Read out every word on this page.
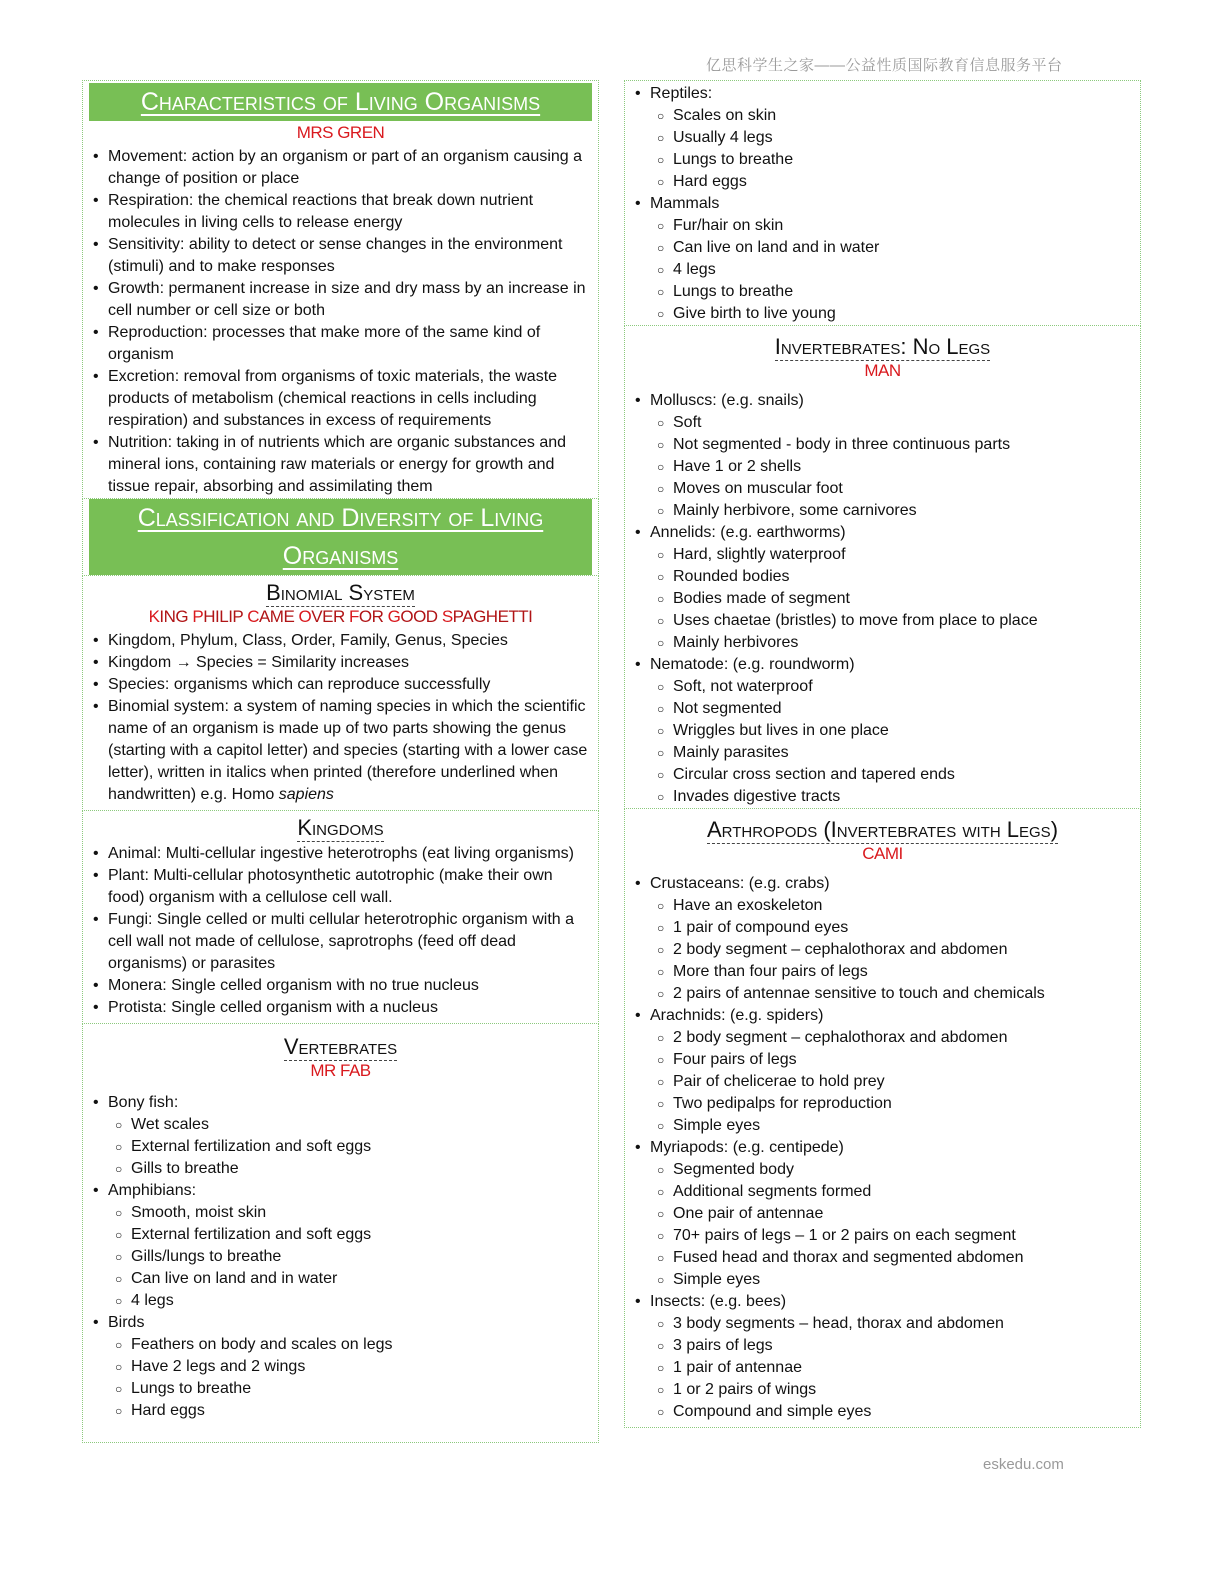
亿思科学生之家——公益性质国际教育信息服务平台
Characteristics of Living Organisms
MRS GREN
• Movement: action by an organism or part of an organism causing a change of position or place
• Respiration: the chemical reactions that break down nutrient molecules in living cells to release energy
• Sensitivity: ability to detect or sense changes in the environment (stimuli) and to make responses
• Growth: permanent increase in size and dry mass by an increase in cell number or cell size or both
• Reproduction: processes that make more of the same kind of organism
• Excretion: removal from organisms of toxic materials, the waste products of metabolism (chemical reactions in cells including respiration) and substances in excess of requirements
• Nutrition: taking in of nutrients which are organic substances and mineral ions, containing raw materials or energy for growth and tissue repair, absorbing and assimilating them
Classification and Diversity of Living Organisms
Binomial System
KING PHILIP CAME OVER FOR GOOD SPAGHETTI
• Kingdom, Phylum, Class, Order, Family, Genus, Species
• Kingdom → Species = Similarity increases
• Species: organisms which can reproduce successfully
• Binomial system: a system of naming species in which the scientific name of an organism is made up of two parts showing the genus (starting with a capitol letter) and species (starting with a lower case letter), written in italics when printed (therefore underlined when handwritten) e.g. Homo sapiens
Kingdoms
• Animal: Multi-cellular ingestive heterotrophs (eat living organisms)
• Plant: Multi-cellular photosynthetic autotrophic (make their own food) organism with a cellulose cell wall.
• Fungi: Single celled or multi cellular heterotrophic organism with a cell wall not made of cellulose, saprotrophs (feed off dead organisms) or parasites
• Monera: Single celled organism with no true nucleus
• Protista: Single celled organism with a nucleus
Vertebrates
MR FAB
• Bony fish:
○ Wet scales
○ External fertilization and soft eggs
○ Gills to breathe
• Amphibians:
○ Smooth, moist skin
○ External fertilization and soft eggs
○ Gills/lungs to breathe
○ Can live on land and in water
○ 4 legs
• Birds
○ Feathers on body and scales on legs
○ Have 2 legs and 2 wings
○ Lungs to breathe
○ Hard eggs
• Reptiles:
○ Scales on skin
○ Usually 4 legs
○ Lungs to breathe
○ Hard eggs
• Mammals
○ Fur/hair on skin
○ Can live on land and in water
○ 4 legs
○ Lungs to breathe
○ Give birth to live young
Invertebrates: No Legs
MAN
• Molluscs: (e.g. snails)
○ Soft
○ Not segmented - body in three continuous parts
○ Have 1 or 2 shells
○ Moves on muscular foot
○ Mainly herbivore, some carnivores
• Annelids: (e.g. earthworms)
○ Hard, slightly waterproof
○ Rounded bodies
○ Bodies made of segment
○ Uses chaetae (bristles) to move from place to place
○ Mainly herbivores
• Nematode: (e.g. roundworm)
○ Soft, not waterproof
○ Not segmented
○ Wriggles but lives in one place
○ Mainly parasites
○ Circular cross section and tapered ends
○ Invades digestive tracts
Arthropods (Invertebrates with Legs)
CAMI
• Crustaceans: (e.g. crabs)
○ Have an exoskeleton
○ 1 pair of compound eyes
○ 2 body segment – cephalothorax and abdomen
○ More than four pairs of legs
○ 2 pairs of antennae sensitive to touch and chemicals
• Arachnids: (e.g. spiders)
○ 2 body segment – cephalothorax and abdomen
○ Four pairs of legs
○ Pair of chelicerae to hold prey
○ Two pedipalps for reproduction
○ Simple eyes
• Myriapods: (e.g. centipede)
○ Segmented body
○ Additional segments formed
○ One pair of antennae
○ 70+ pairs of legs – 1 or 2 pairs on each segment
○ Fused head and thorax and segmented abdomen
○ Simple eyes
• Insects: (e.g. bees)
○ 3 body segments – head, thorax and abdomen
○ 3 pairs of legs
○ 1 pair of antennae
○ 1 or 2 pairs of wings
○ Compound and simple eyes
eskedu.com
